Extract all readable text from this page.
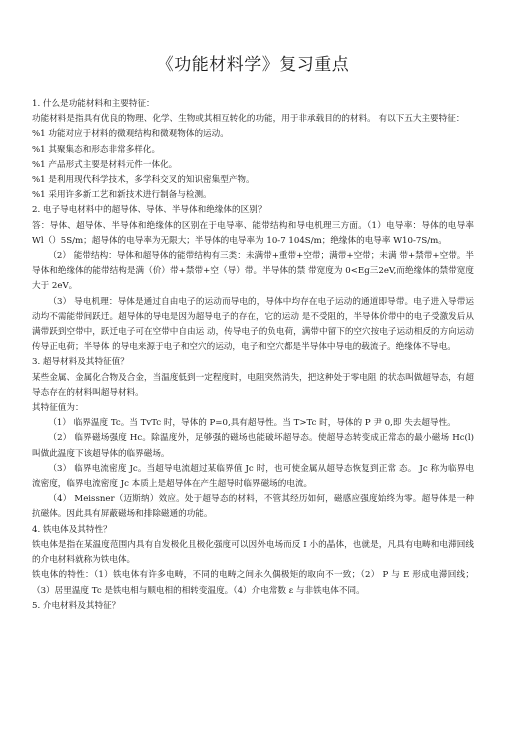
《功能材料学》复习重点

1. 什么是功能材料和主要特征：

功能材料是指具有优良的物理、化学、生物或其相互转化的功能，用于非承载目的的材料。 有以下五大主要特征：

%1 功能对应于材料的微观结构和微观物体的运动。

%1 其聚集态和形态非常多样化。

%1 产品形式主要是材料元件一体化。

%1 是利用现代科学技术，多学科交叉的知识密集型产物。

%1 采用许多新工艺和新技术进行制备与检测。

2. 电子导电材料中的超导体、导体、半导体和绝缘体的区别？

答：导体、超导体、半导体和绝缘体的区别在于电导率、能带结构和导电机理三方面。（1）电导率：导体的电导率 Wl（）5S/m；超导体的电导率为无限大；半导体的电导率为 10-7 104S/m；绝缘体的电导率 W10-7S/m。

（2） 能带结构：导体和超导体的能带结构有三类：未满带+重带+空带；满带+空带；未满 带+禁带+空带。半导体和绝缘体的能带结构是满（价）带+禁带+空（导）带。半导体的禁 带宽度为 0<Eg三2eV,而绝缘体的禁带宽度大于 2eV。

（3） 导电机理：导体是通过自由电子的运动而导电的，导体中均存在电子运动的通道即导带。电子进入导带运动均不需能带间跃迁。超导体的导电是因为超导电子的存在，它的运动 是不受阻的，半导体价带中的电子受激发后从满带跃到空带中，跃迁电子可在空带中自由运 动，传导电子的负电荷，满带中留下的空穴按电子运动相反的方向运动传导正电荷；半导体 的导电来源于电子和空穴的运动，电子和空穴都是半导体中导电的载流子。绝缘体不导电。

3. 超导材料及其特征值？

某些金属、金属化合物及合金，当温度低到一定程度时，电阻突然消失，把这种处于零电阻 的状态叫做超导态，有超导态存在的材料叫超导材料。

其特征值为：

（1） 临界温度 Tc。当 TvTc 时，导体的 P=0,具有超导性。当 T>Tc 时，导体的 P 尹 0,即 失去超导性。

（2） 临界磁场强度 Hc。除温度外，足够强的磁场也能破坏超导态。使超导态转变成正常态的最小磁场 Hc(l)叫做此温度下该超导体的临界磁场。

（3） 临界电流密度 Jc。当超导电流超过某临界值 Jc 时，也可使金属从超导态恢复到正常 态。 Jc 称为临界电流密度，临界电流密度 Jc 本质上是超导体在产生超导时临界磁场的电流。

（4） Meissner（迈斯纳）效应。处于超导态的材料，不管其经历如何，磁感应强度始终为零。超导体是一种抗磁体。因此具有屏蔽磁场和排除磁通的功能。

4. 铁电体及其特性？

铁电体是指在某温度范围内具有自发极化且极化强度可以因外电场而反 I 小的晶体，也就是，凡具有电畴和电滞回线的介电材料就称为铁电体。

铁电体的特性：（1）铁电体有许多电畴，不同的电畴之间永久偶极矩的取向不一致；（2） P 与 E 形成电滞回线；（3）居里温度 Tc 是铁电相与顺电相的相转变温度。（4）介电常数 ε 与非铁电体不同。

5. 介电材料及其特征？
